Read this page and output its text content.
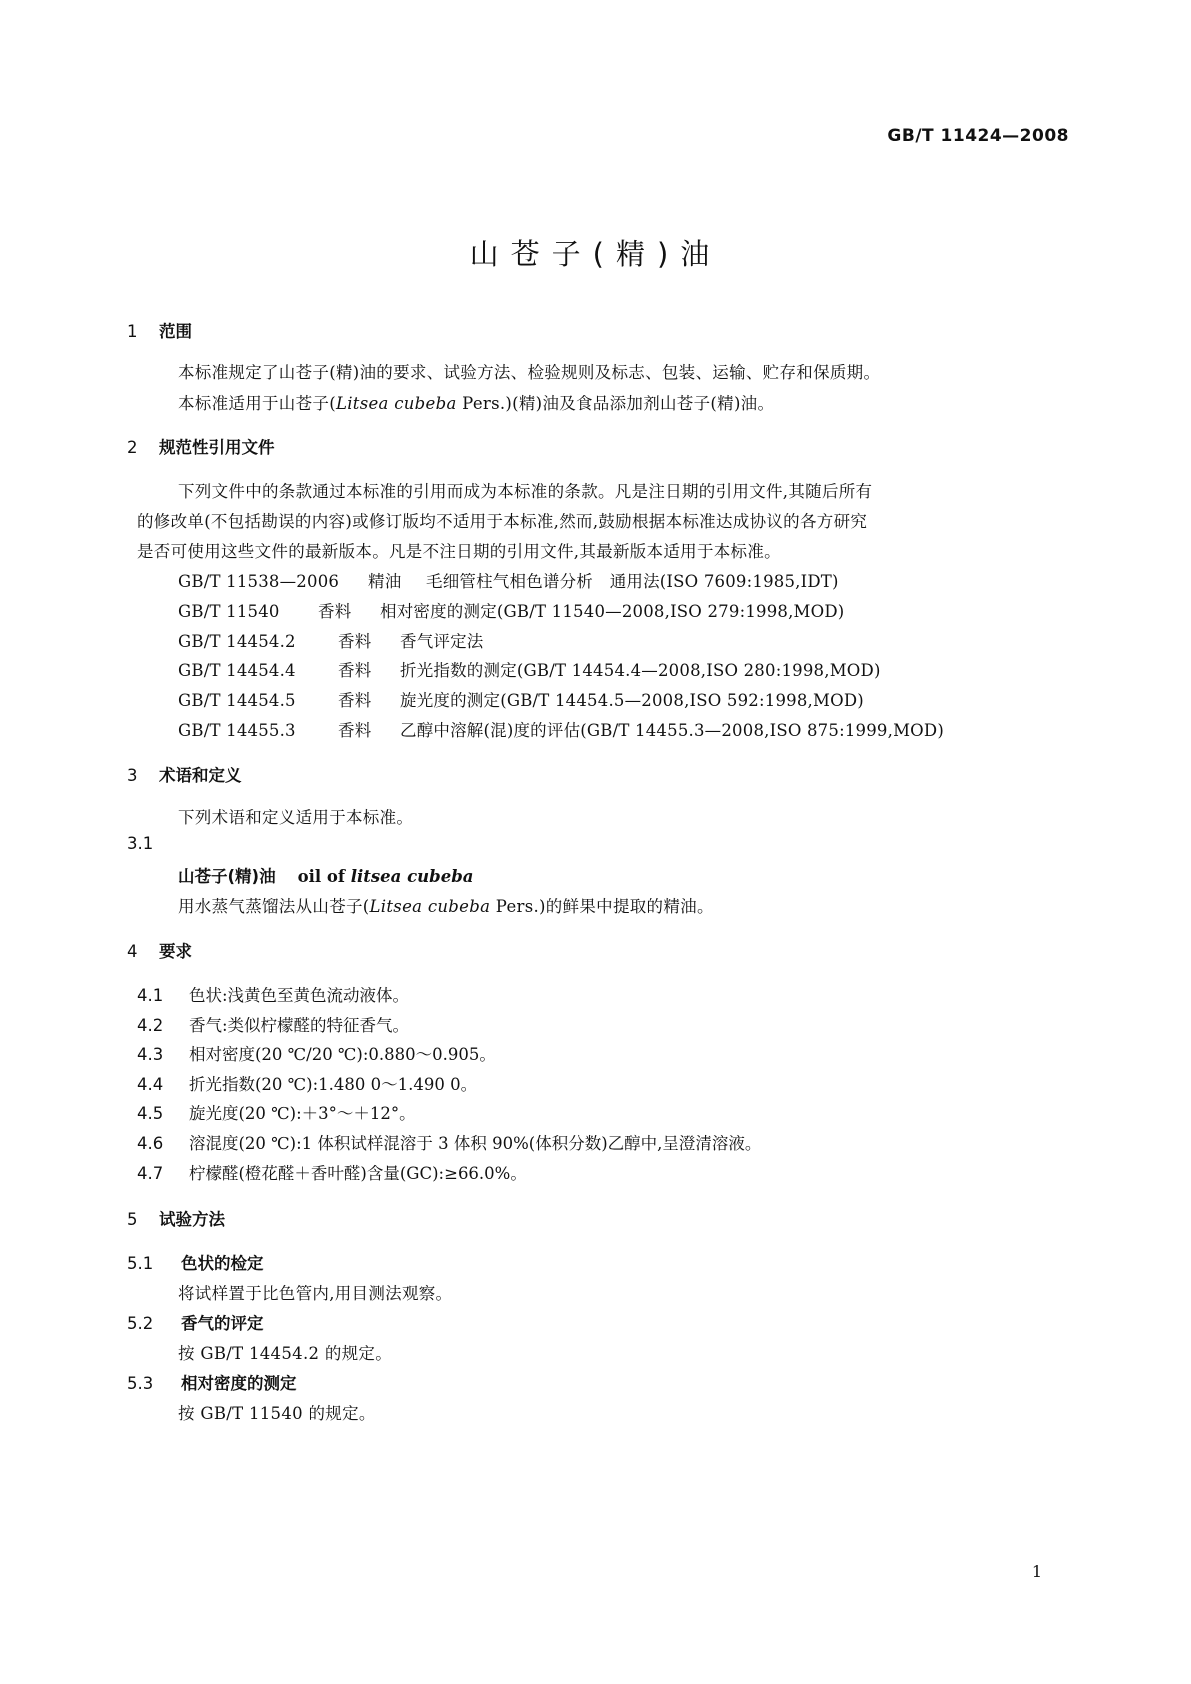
GB/T 11424—2008
山苍子(精)油
1 范围
本标准规定了山苍子(精)油的要求、试验方法、检验规则及标志、包装、运输、贮存和保质期。
本标准适用于山苍子(Litsea cubeba Pers.)(精)油及食品添加剂山苍子(精)油。
2 规范性引用文件
下列文件中的条款通过本标准的引用而成为本标准的条款。凡是注日期的引用文件,其随后所有
的修改单(不包括勘误的内容)或修订版均不适用于本标准,然而,鼓励根据本标准达成协议的各方研究
是否可使用这些文件的最新版本。凡是不注日期的引用文件,其最新版本适用于本标准。
GB/T 11538—2006 精油 毛细管柱气相色谱分析　通用法(ISO 7609:1985,IDT)
GB/T 11540 香料 相对密度的测定(GB/T 11540—2008,ISO 279:1998,MOD)
GB/T 14454.2	香料 香气评定法
GB/T 14454.4	香料 折光指数的测定(GB/T 14454.4—2008,ISO 280:1998,MOD)
GB/T 14454.5	香料 旋光度的测定(GB/T 14454.5—2008,ISO 592:1998,MOD)
GB/T 14455.3	香料 乙醇中溶解(混)度的评估(GB/T 14455.3—2008,ISO 875:1999,MOD)
3 术语和定义
下列术语和定义适用于本标准。
3.1
山苍子(精)油 oil of litsea cubeba
用水蒸气蒸馏法从山苍子(Litsea cubeba Pers.)的鲜果中提取的精油。
4 要求
4.1 色状:浅黄色至黄色流动液体。
4.2 香气:类似柠檬醛的特征香气。
4.3 相对密度(20 ℃/20 ℃):0.880～0.905。
4.4 折光指数(20 ℃):1.480 0～1.490 0。
4.5 旋光度(20 ℃):＋3°～＋12°。
4.6 溶混度(20 ℃):1 体积试样混溶于 3 体积 90%(体积分数)乙醇中,呈澄清溶液。
4.7 柠檬醛(橙花醛＋香叶醛)含量(GC):≥66.0%。
5 试验方法
5.1 色状的检定
将试样置于比色管内,用目测法观察。
5.2 香气的评定
按 GB/T 14454.2 的规定。
5.3 相对密度的测定
按 GB/T 11540 的规定。
1
